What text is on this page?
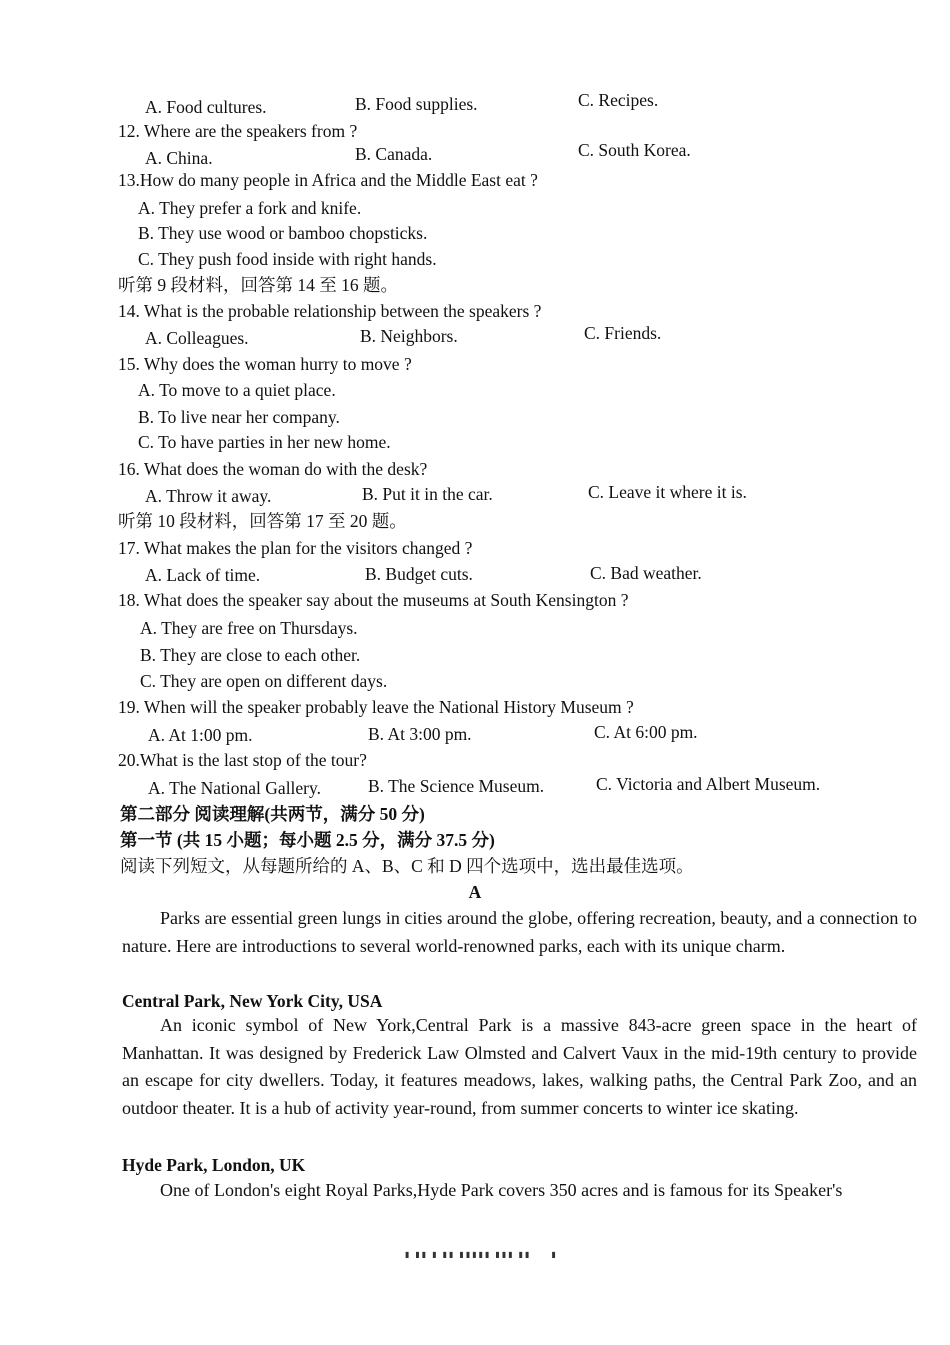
A. Food cultures.	B. Food supplies.	C. Recipes.
12. Where are the speakers from ?
A. China.	B. Canada.	C. South Korea.
13.How do many people in Africa and the Middle East eat ?
A. They prefer a fork and knife.
B. They use wood or bamboo chopsticks.
C. They push food inside with right hands.
听第 9 段材料，回答第 14 至 16 题。
14. What is the probable relationship between the speakers ?
A. Colleagues.	B. Neighbors.	C. Friends.
15. Why does the woman hurry to move ?
A. To move to a quiet place.
B. To live near her company.
C. To have parties in her new home.
16. What does the woman do with the desk?
A. Throw it away.	B. Put it in the car.	C. Leave it where it is.
听第 10 段材料，回答第 17 至 20 题。
17. What makes the plan for the visitors changed ?
A. Lack of time.	B. Budget cuts.	C. Bad weather.
18. What does the speaker say about the museums at South Kensington ?
A. They are free on Thursdays.
B. They are close to each other.
C. They are open on different days.
19. When will the speaker probably leave the National History Museum ?
A. At 1:00 pm.	B. At 3:00 pm.	C. At 6:00 pm.
20.What is the last stop of the tour?
A. The National Gallery.	B. The Science Museum.	C. Victoria and Albert Museum.
第二部分 阅读理解(共两节，满分 50 分)
第一节 (共 15 小题；每小题 2.5 分，满分 37.5 分)
阅读下列短文，从每题所给的 A、B、C 和 D 四个选项中，选出最佳选项。
A
Parks are essential green lungs in cities around the globe, offering recreation, beauty, and a connection to nature. Here are introductions to several world-renowned parks, each with its unique charm.
Central Park, New York City, USA
An iconic symbol of New York,Central Park is a massive 843-acre green space in the heart of Manhattan. It was designed by Frederick Law Olmsted and Calvert Vaux in the mid-19th century to provide an escape for city dwellers. Today, it features meadows, lakes, walking paths, the Central Park Zoo, and an outdoor theater. It is a hub of activity year-round, from summer concerts to winter ice skating.
Hyde Park, London, UK
One of London's eight Royal Parks,Hyde Park covers 350 acres and is famous for its Speaker's
▮ ▮▮ ▮ ▮▮ ▮▮▮▮▮ ▮▮▮ ▮▮     ▮
